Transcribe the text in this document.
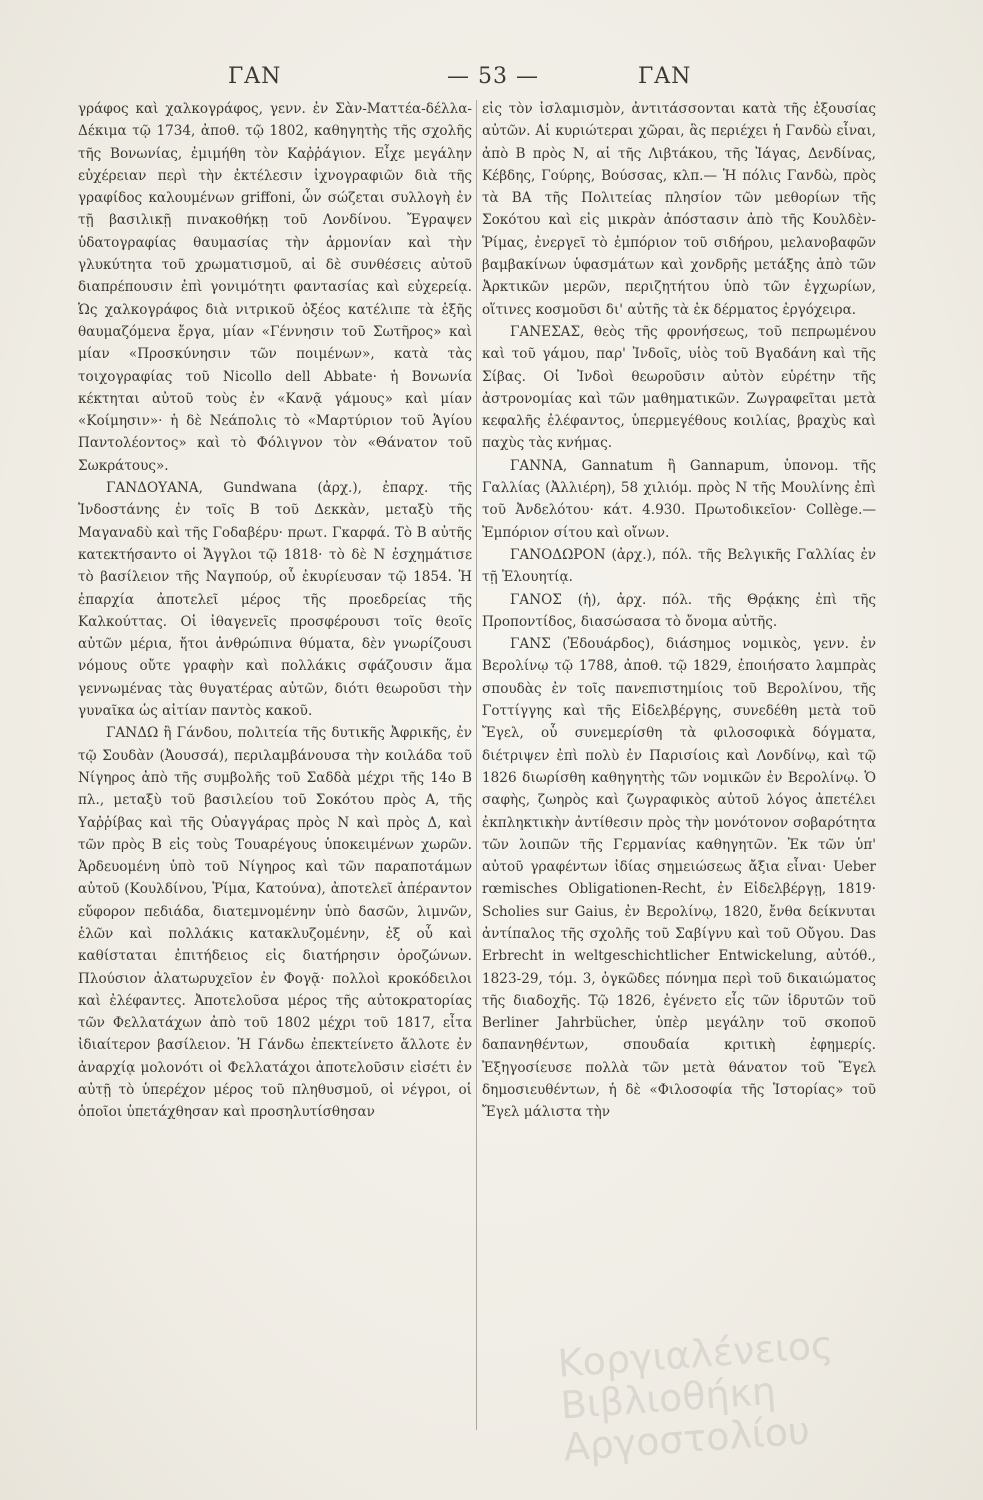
ΓΑΝ	— 53 —	ΓΑΝ

γράφος καὶ χαλκογράφος, γενν. ἐν Σὰν-Ματτέα-δέλλα-Δέκιμα τῷ 1734, ἀποθ. τῷ 1802, καθηγητὴς τῆς σχολῆς τῆς Βονωνίας, ἐμιμήθη τὸν Καῤῥάγιον. Εἶχε μεγάλην εὐχέρειαν περὶ τὴν ἐκτέλεσιν ἰχνογραφιῶν διὰ τῆς γραφίδος καλουμένων griffoni, ὧν σώζεται συλλογὴ ἐν τῇ βασιλικῇ πινακοθήκῃ τοῦ Λονδίνου. Ἔγραψεν ὑδατογραφίας θαυμασίας τὴν ἁρμονίαν καὶ τὴν γλυκύτητα τοῦ χρωματισμοῦ, αἱ δὲ συνθέσεις αὐτοῦ διαπρέπουσιν ἐπὶ γονιμότητι φαντασίας καὶ εὐχερείᾳ. Ὡς χαλκογράφος διὰ νιτρικοῦ ὀξέος κατέλιπε τὰ ἑξῆς θαυμαζόμενα ἔργα, μίαν «Γέννησιν τοῦ Σωτῆρος» καὶ μίαν «Προσκύνησιν τῶν ποιμένων», κατὰ τὰς τοιχογραφίας τοῦ Nicollo dell Abbate· ἡ Βονωνία κέκτηται αὐτοῦ τοὺς ἐν «Κανᾷ γάμους» καὶ μίαν «Κοίμησιν»· ἡ δὲ Νεάπολις τὸ «Μαρτύριον τοῦ Ἁγίου Παντολέοντος» καὶ τὸ Φόλιγνον τὸν «Θάνατον τοῦ Σωκράτους».

ΓΑΝΔΟΥΑΝΑ, Gundwana (ἀρχ.), ἐπαρχ. τῆς Ἰνδοστάνης ἐν τοῖς Β τοῦ Δεκκὰν, μεταξὺ τῆς Μαγαναδὺ καὶ τῆς Γοδαβέρυ· πρωτ. Γκαρφά. Τὸ Β αὐτῆς κατεκτήσαντο οἱ Ἄγγλοι τῷ 1818· τὸ δὲ Ν ἐσχημάτισε τὸ βασίλειον τῆς Ναγπούρ, οὗ ἐκυρίευσαν τῷ 1854. Ἡ ἐπαρχία ἀποτελεῖ μέρος τῆς προεδρείας τῆς Καλκούττας. Οἱ ἰθαγενεῖς προσφέρουσι τοῖς θεοῖς αὐτῶν μέρια, ἤτοι ἀνθρώπινα θύματα, δὲν γνωρίζουσι νόμους οὔτε γραφὴν καὶ πολλάκις σφάζουσιν ἅμα γεννωμένας τὰς θυγατέρας αὐτῶν, διότι θεωροῦσι τὴν γυναῖκα ὡς αἰτίαν παντὸς κακοῦ.

ΓΑΝΔΩ ἢ Γάνδου, πολιτεία τῆς δυτικῆς Ἀφρικῆς, ἐν τῷ Σουδὰν (Ἀουσσά), περιλαμβάνουσα τὴν κοιλάδα τοῦ Νίγηρος ἀπὸ τῆς συμβολῆς τοῦ Σαδδὰ μέχρι τῆς 14ο Β πλ., μεταξὺ τοῦ βασιλείου τοῦ Σοκότου πρὸς Α, τῆς Υαῤῥίβας καὶ τῆς Οὐαγγάρας πρὸς Ν καὶ πρὸς Δ, καὶ τῶν πρὸς Β εἰς τοὺς Τουαρέγους ὑποκειμένων χωρῶν. Ἀρδευομένη ὑπὸ τοῦ Νίγηρος καὶ τῶν παραποτάμων αὐτοῦ (Κουλδίνου, Ῥίμα, Κατούνα), ἀποτελεῖ ἀπέραντον εὔφορον πεδιάδα, διατεμνομένην ὑπὸ δασῶν, λιμνῶν, ἑλῶν καὶ πολλάκις κατακλυζομένην, ἐξ οὗ καὶ καθίσταται ἐπιτήδειος εἰς διατήρησιν ὀροζώνων. Πλούσιον ἀλατωρυχεῖον ἐν Φογᾷ· πολλοὶ κροκόδειλοι καὶ ἐλέφαντες. Ἀποτελοῦσα μέρος τῆς αὐτοκρατορίας τῶν Φελλατάχων ἀπὸ τοῦ 1802 μέχρι τοῦ 1817, εἶτα ἰδιαίτερον βασίλειον. Ἡ Γάνδω ἐπεκτείνετο ἄλλοτε ἐν ἀναρχίᾳ μολονότι οἱ Φελλατάχοι ἀποτελοῦσιν εἰσέτι ἐν αὐτῇ τὸ ὑπερέχον μέρος τοῦ πληθυσμοῦ, οἱ νέγροι, οἱ ὁποῖοι ὑπετάχθησαν καὶ προσηλυτίσθησαν

εἰς τὸν ἰσλαμισμὸν, ἀντιτάσσονται κατὰ τῆς ἐξουσίας αὐτῶν. Αἱ κυριώτεραι χῶραι, ἃς περιέχει ἡ Γανδὼ εἶναι, ἀπὸ Β πρὸς Ν, αἱ τῆς Λιβτάκου, τῆς Ἰάγας, Δενδίνας, Κέβδης, Γούρης, Βούσσας, κλπ.— Ἡ πόλις Γανδὼ, πρὸς τὰ ΒΑ τῆς Πολιτείας πλησίον τῶν μεθορίων τῆς Σοκότου καὶ εἰς μικρὰν ἀπόστασιν ἀπὸ τῆς Κουλδὲν-Ῥίμας, ἐνεργεῖ τὸ ἐμπόριον τοῦ σιδήρου, μελανοβαφῶν βαμβακίνων ὑφασμάτων καὶ χονδρῆς μετάξης ἀπὸ τῶν Ἀρκτικῶν μερῶν, περιζητήτου ὑπὸ τῶν ἐγχωρίων, οἵτινες κοσμοῦσι δι' αὐτῆς τὰ ἐκ δέρματος ἐργόχειρα.

ΓΑΝΕΣΑΣ, θεὸς τῆς φρονήσεως, τοῦ πεπρωμένου καὶ τοῦ γάμου, παρ' Ἰνδοῖς, υἱὸς τοῦ Βγαδάνη καὶ τῆς Σίβας. Οἱ Ἰνδοὶ θεωροῦσιν αὐτὸν εὑρέτην τῆς ἀστρονομίας καὶ τῶν μαθηματικῶν. Ζωγραφεῖται μετὰ κεφαλῆς ἐλέφαντος, ὑπερμεγέθους κοιλίας, βραχὺς καὶ παχὺς τὰς κνήμας.

ΓΑΝΝΑ, Gannatum ἢ Gannapum, ὑπονομ. τῆς Γαλλίας (Ἀλλιέρη), 58 χιλιόμ. πρὸς Ν τῆς Μουλίνης ἐπὶ τοῦ Ἀνδελότου· κάτ. 4.930. Πρωτοδικεῖον· Collège.— Ἐμπόριον σίτου καὶ οἴνων.

ΓΑΝΟΔΩΡΟΝ (ἀρχ.), πόλ. τῆς Βελγικῆς Γαλλίας ἐν τῇ Ἑλουητίᾳ.

ΓΑΝΟΣ (ἡ), ἀρχ. πόλ. τῆς Θρᾴκης ἐπὶ τῆς Προποντίδος, διασώσασα τὸ ὄνομα αὐτῆς.

ΓΑΝΣ (Ἐδουάρδος), διάσημος νομικὸς, γενν. ἐν Βερολίνῳ τῷ 1788, ἀποθ. τῷ 1829, ἐποιήσατο λαμπρὰς σπουδὰς ἐν τοῖς πανεπιστημίοις τοῦ Βερολίνου, τῆς Γοττίγγης καὶ τῆς Εἰδελβέργης, συνεδέθη μετὰ τοῦ Ἔγελ, οὗ συνεμερίσθη τὰ φιλοσοφικὰ δόγματα, διέτριψεν ἐπὶ πολὺ ἐν Παρισίοις καὶ Λονδίνῳ, καὶ τῷ 1826 διωρίσθη καθηγητὴς τῶν νομικῶν ἐν Βερολίνῳ. Ὁ σαφὴς, ζωηρὸς καὶ ζωγραφικὸς αὐτοῦ λόγος ἀπετέλει ἐκπληκτικὴν ἀντίθεσιν πρὸς τὴν μονότονον σοβαρότητα τῶν λοιπῶν τῆς Γερμανίας καθηγητῶν. Ἐκ τῶν ὑπ' αὐτοῦ γραφέντων ἰδίας σημειώσεως ἄξια εἶναι· Ueber rœmisches Obligationen-Recht, ἐν Εἰδελβέργῃ, 1819· Scholies sur Gaius, ἐν Βερολίνῳ, 1820, ἔνθα δείκνυται ἀντίπαλος τῆς σχολῆς τοῦ Σαβίγνυ καὶ τοῦ Οὔγου. Das Erbrecht in weltgeschichtlicher Entwickelung, αὐτόθ., 1823-29, τόμ. 3, ὀγκῶδες πόνημα περὶ τοῦ δικαιώματος τῆς διαδοχῆς. Τῷ 1826, ἐγένετο εἷς τῶν ἱδρυτῶν τοῦ Berliner Jahrbücher, ὑπὲρ μεγάλην τοῦ σκοποῦ δαπανηθέντων, σπουδαία κριτικὴ ἐφημερίς. Ἐξηγοσίευσε πολλὰ τῶν μετὰ θάνατον τοῦ Ἔγελ δημοσιευθέντων, ἡ δὲ «Φιλοσοφία τῆς Ἱστορίας» τοῦ Ἔγελ μάλιστα τὴν

Κοργιαλένειος Βιβλιοθήκη Αργοστολίου
